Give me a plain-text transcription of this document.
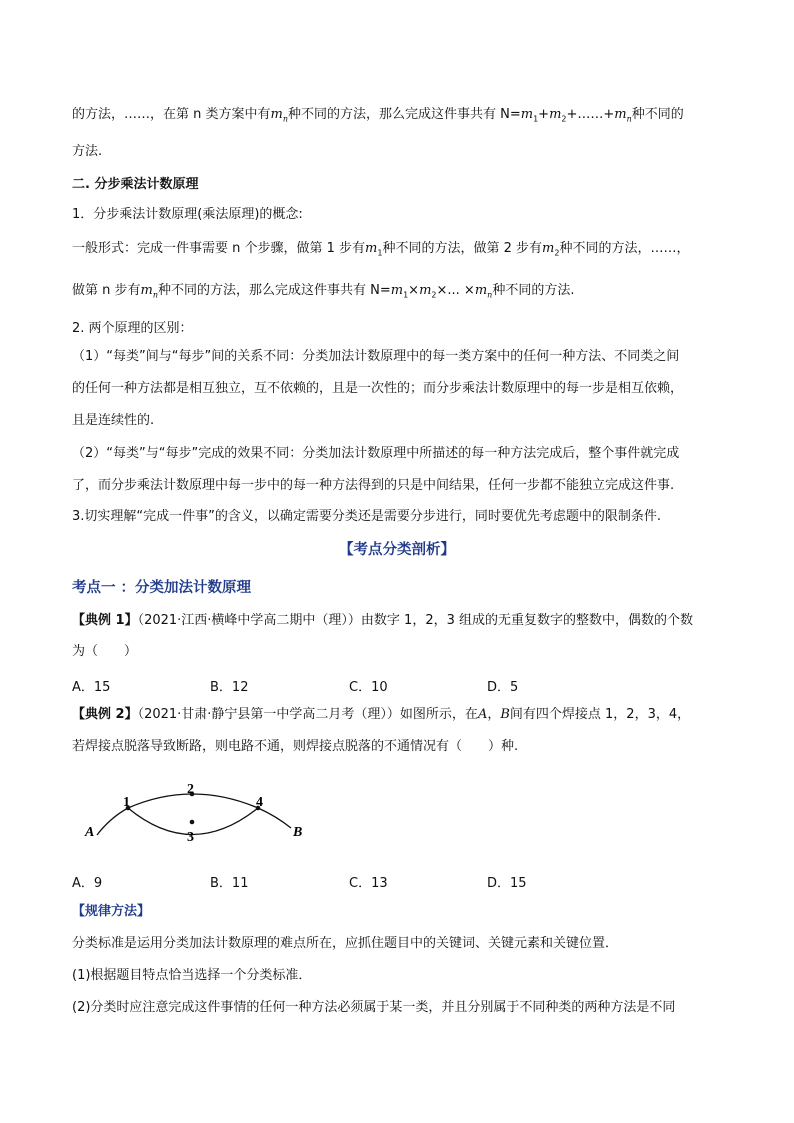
的方法，……，在第 n 类方案中有$m_n$种不同的方法，那么完成这件事共有 $N=m_1+m_2+\dots\dots+m_n$种不同的
方法.
二. 分步乘法计数原理
1．分步乘法计数原理(乘法原理)的概念:
一般形式：完成一件事需要 n 个步骤，做第 1 步有$m_1$种不同的方法，做第 2 步有$m_2$种不同的方法，……，
做第 n 步有$m_n$种不同的方法，那么完成这件事共有 $N=m_1\times m_2\times$... $\times m_n$种不同的方法.
2. 两个原理的区别：
（1）“每类”间与“每步”间的关系不同：分类加法计数原理中的每一类方案中的任何一种方法、不同类之间
的任何一种方法都是相互独立，互不依赖的，且是一次性的；而分步乘法计数原理中的每一步是相互依赖，
且是连续性的.
（2）“每类”与“每步”完成的效果不同：分类加法计数原理中所描述的每一种方法完成后，整个事件就完成
了，而分步乘法计数原理中每一步中的每一种方法得到的只是中间结果，任何一步都不能独立完成这件事.
3.切实理解“完成一件事”的含义，以确定需要分类还是需要分步进行，同时要优先考虑题中的限制条件.
【考点分类剖析】
考点一 ：分类加法计数原理
【典例 1】（2021·江西·横峰中学高二期中（理））由数字 1，2，3 组成的无重复数字的整数中，偶数的个数
为（　　）
A．15	B．12	C．10	D．5
【典例 2】（2021·甘肃·静宁县第一中学高二月考（理））如图所示，在A，B间有四个焊接点 1，2，3，4，
若焊接点脱落导致断路，则电路不通，则焊接点脱落的不通情况有（　　）种.
A	B
1
2
3
4
A．9	B．11	C．13	D．15
【规律方法】
分类标准是运用分类加法计数原理的难点所在，应抓住题目中的关键词、关键元素和关键位置．
(1)根据题目特点恰当选择一个分类标准．
(2)分类时应注意完成这件事情的任何一种方法必须属于某一类，并且分别属于不同种类的两种方法是不同
